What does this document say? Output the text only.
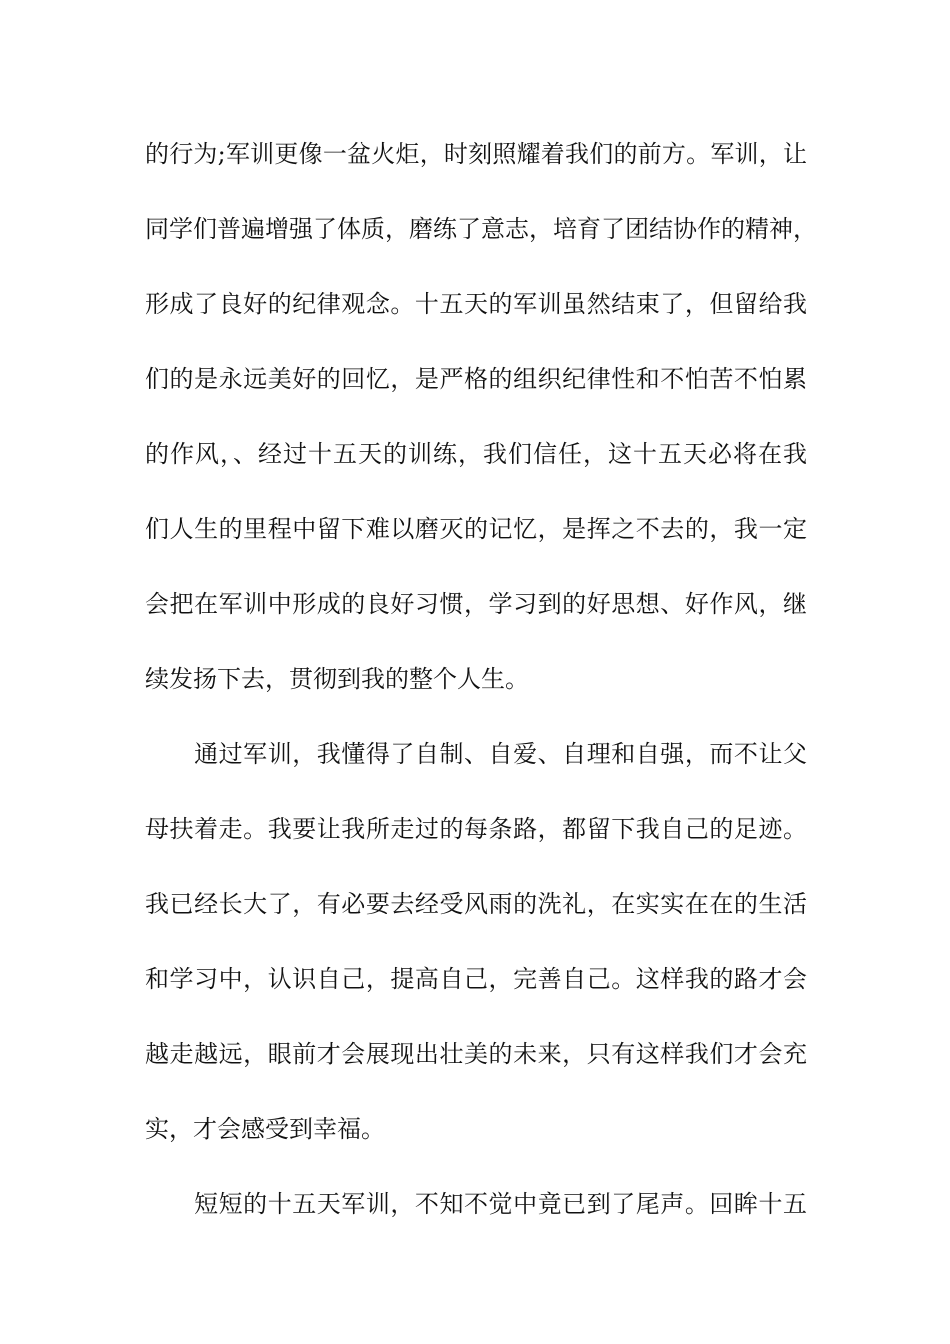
的行为;军训更像一盆火炬，时刻照耀着我们的前方。军训，让
同学们普遍增强了体质，磨练了意志，培育了团结协作的精神，
形成了良好的纪律观念。十五天的军训虽然结束了，但留给我
们的是永远美好的回忆，是严格的组织纪律性和不怕苦不怕累
的作风，、经过十五天的训练，我们信任，这十五天必将在我
们人生的里程中留下难以磨灭的记忆，是挥之不去的，我一定
会把在军训中形成的良好习惯，学习到的好思想、好作风，继
续发扬下去，贯彻到我的整个人生。
　　通过军训，我懂得了自制、自爱、自理和自强，而不让父
母扶着走。我要让我所走过的每条路，都留下我自己的足迹。
我已经长大了，有必要去经受风雨的洗礼，在实实在在的生活
和学习中，认识自己，提高自己，完善自己。这样我的路才会
越走越远，眼前才会展现出壮美的未来，只有这样我们才会充
实，才会感受到幸福。
　　短短的十五天军训，不知不觉中竟已到了尾声。回眸十五
